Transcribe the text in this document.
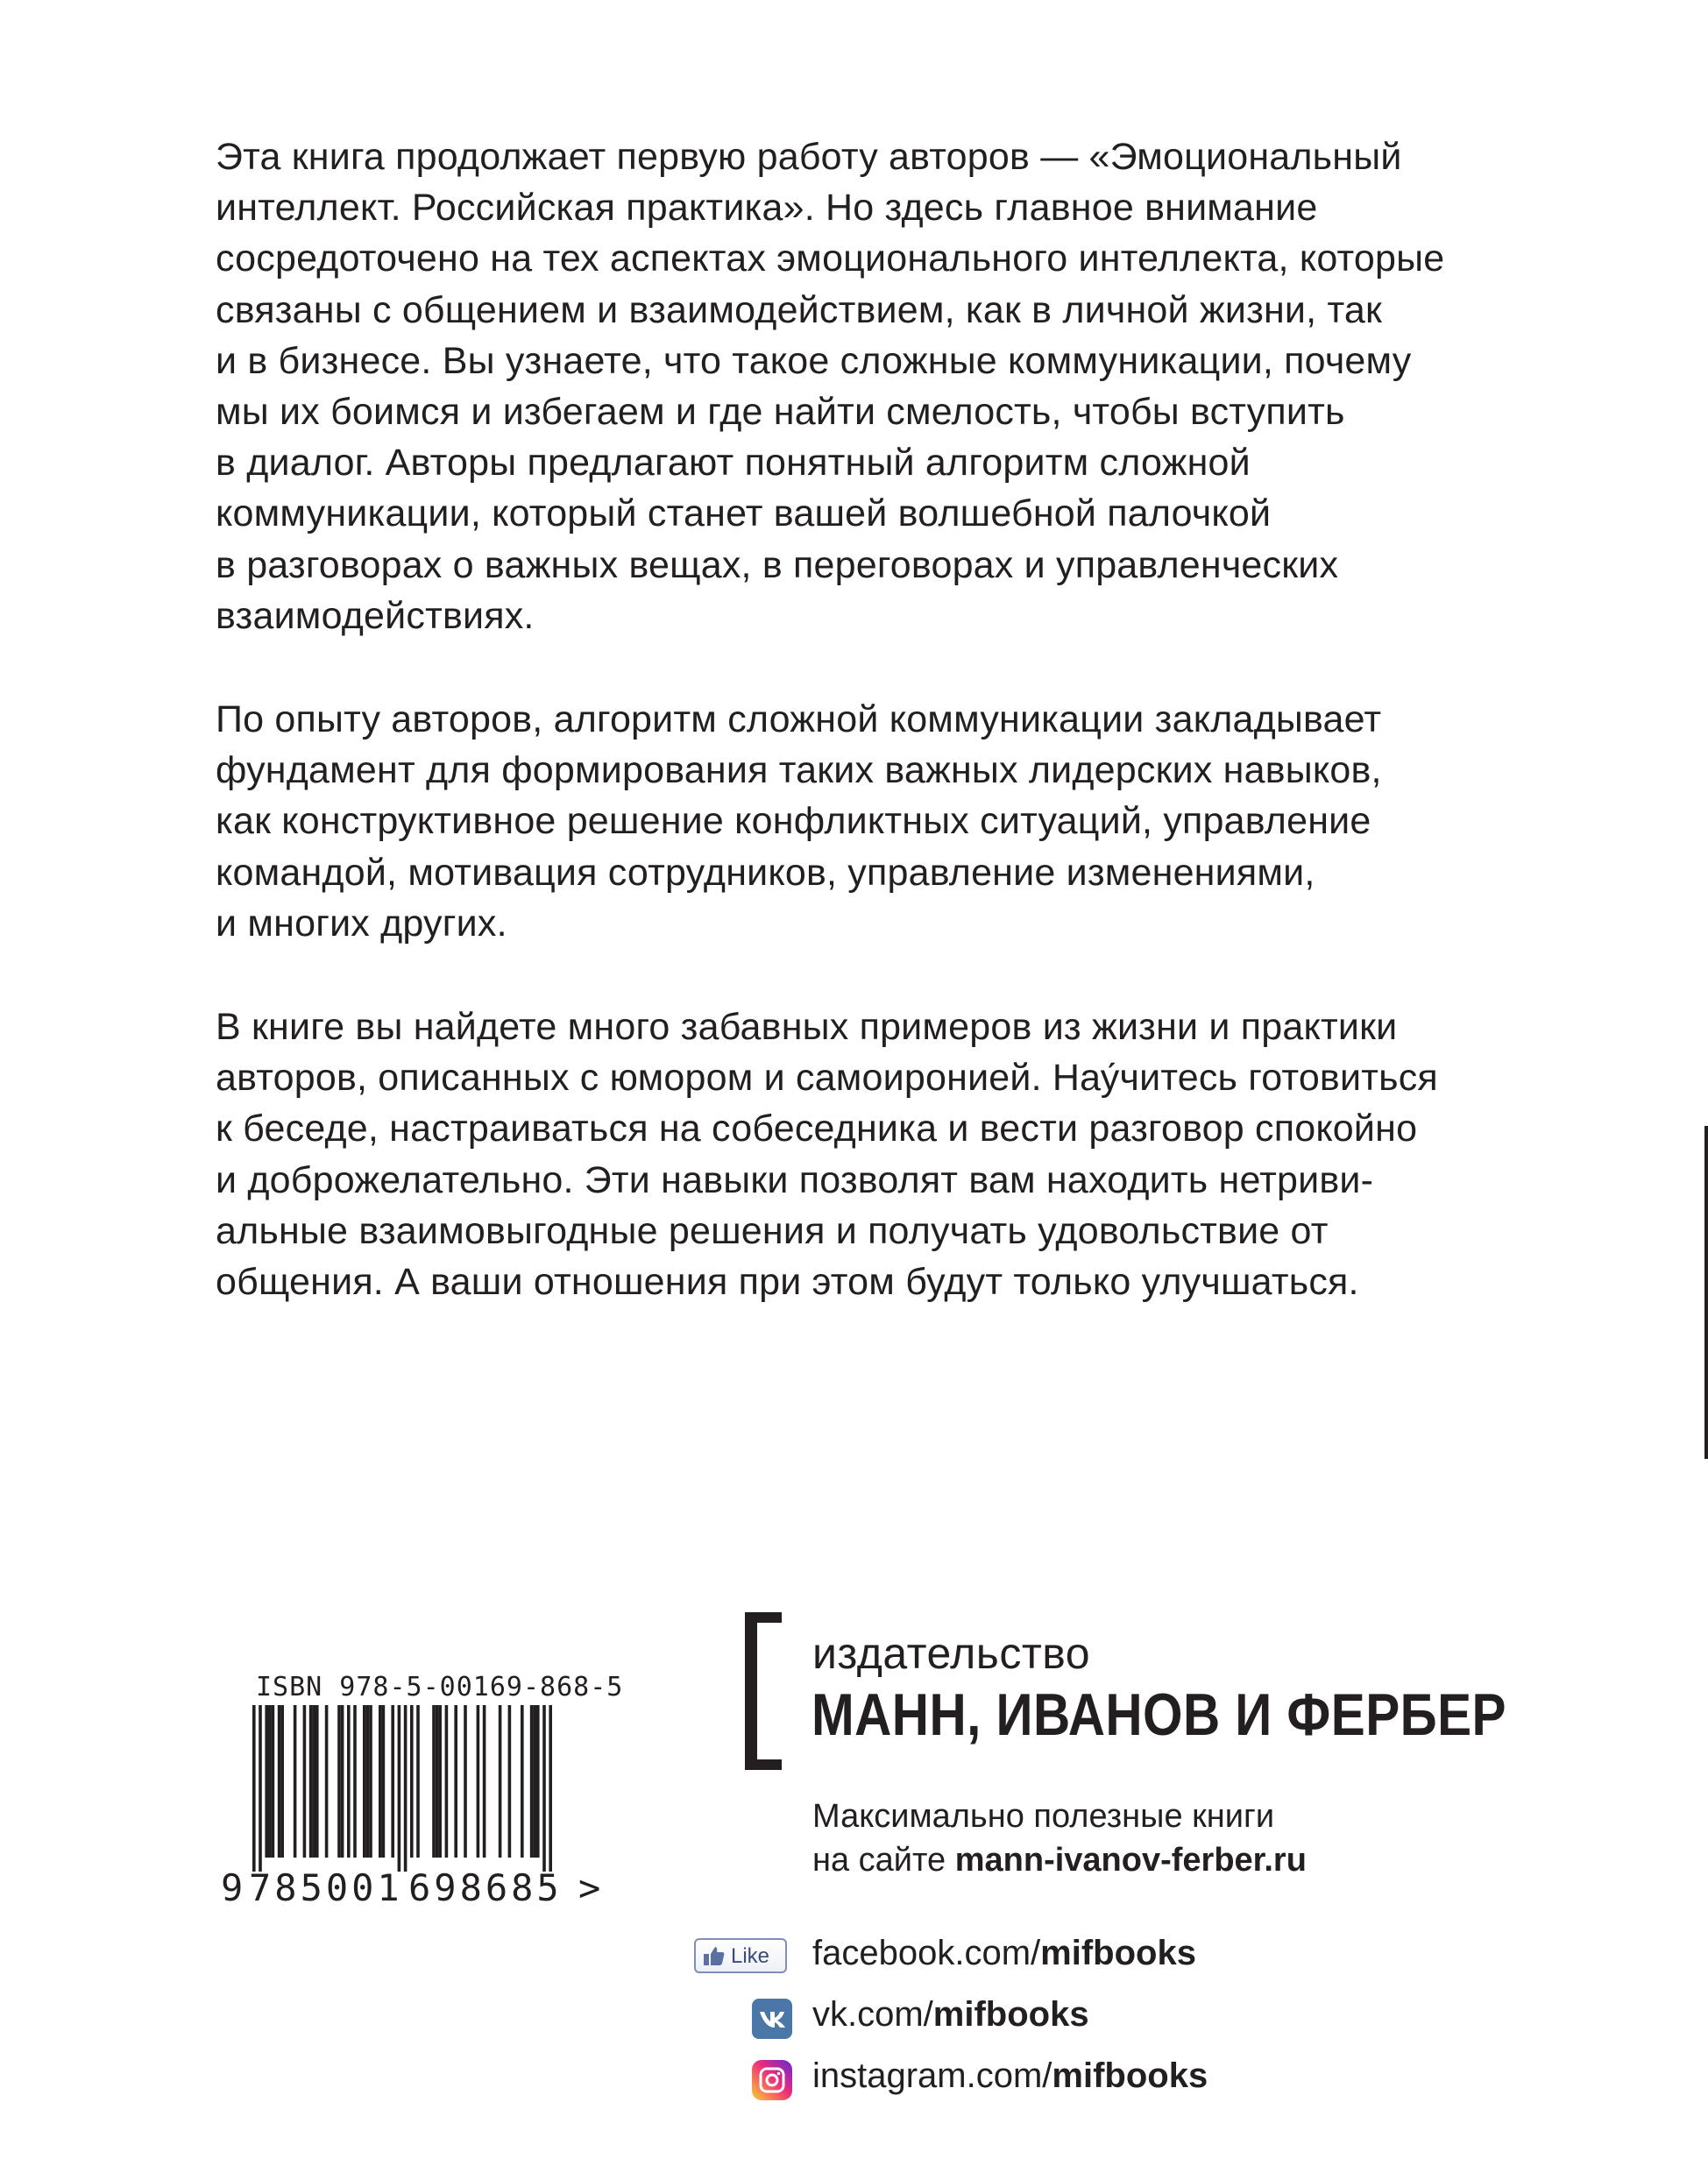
Эта книга продолжает первую работу авторов — «Эмоциональный
интеллект. Российская практика». Но здесь главное внимание
сосредоточено на тех аспектах эмоционального интеллекта, которые
связаны с общением и взаимодействием, как в личной жизни, так
и в бизнесе. Вы узнаете, что такое сложные коммуникации, почему
мы их боимся и избегаем и где найти смелость, чтобы вступить
в диалог. Авторы предлагают понятный алгоритм сложной
коммуникации, который станет вашей волшебной палочкой
в разговорах о важных вещах, в переговорах и управленческих
взаимодействиях.

По опыту авторов, алгоритм сложной коммуникации закладывает
фундамент для формирования таких важных лидерских навыков,
как конструктивное решение конфликтных ситуаций, управление
командой, мотивация сотрудников, управление изменениями,
и многих других.

В книге вы найдете много забавных примеров из жизни и практики
авторов, описанных с юмором и самоиронией. Нау́читесь готовиться
к беседе, настраиваться на собеседника и вести разговор спокойно
и доброжелательно. Эти навыки позволят вам находить нетриви-
альные взаимовыгодные решения и получать удовольствие от
общения. А ваши отношения при этом будут только улучшаться.

ISBN 978-5-00169-868-5
9 785001 698685 >
издательство
МАНН, ИВАНОВ И ФЕРБЕР
Максимально полезные книги
на сайте mann-ivanov-ferber.ru
Like facebook.com/mifbooks
vk.com/mifbooks
instagram.com/mifbooks
